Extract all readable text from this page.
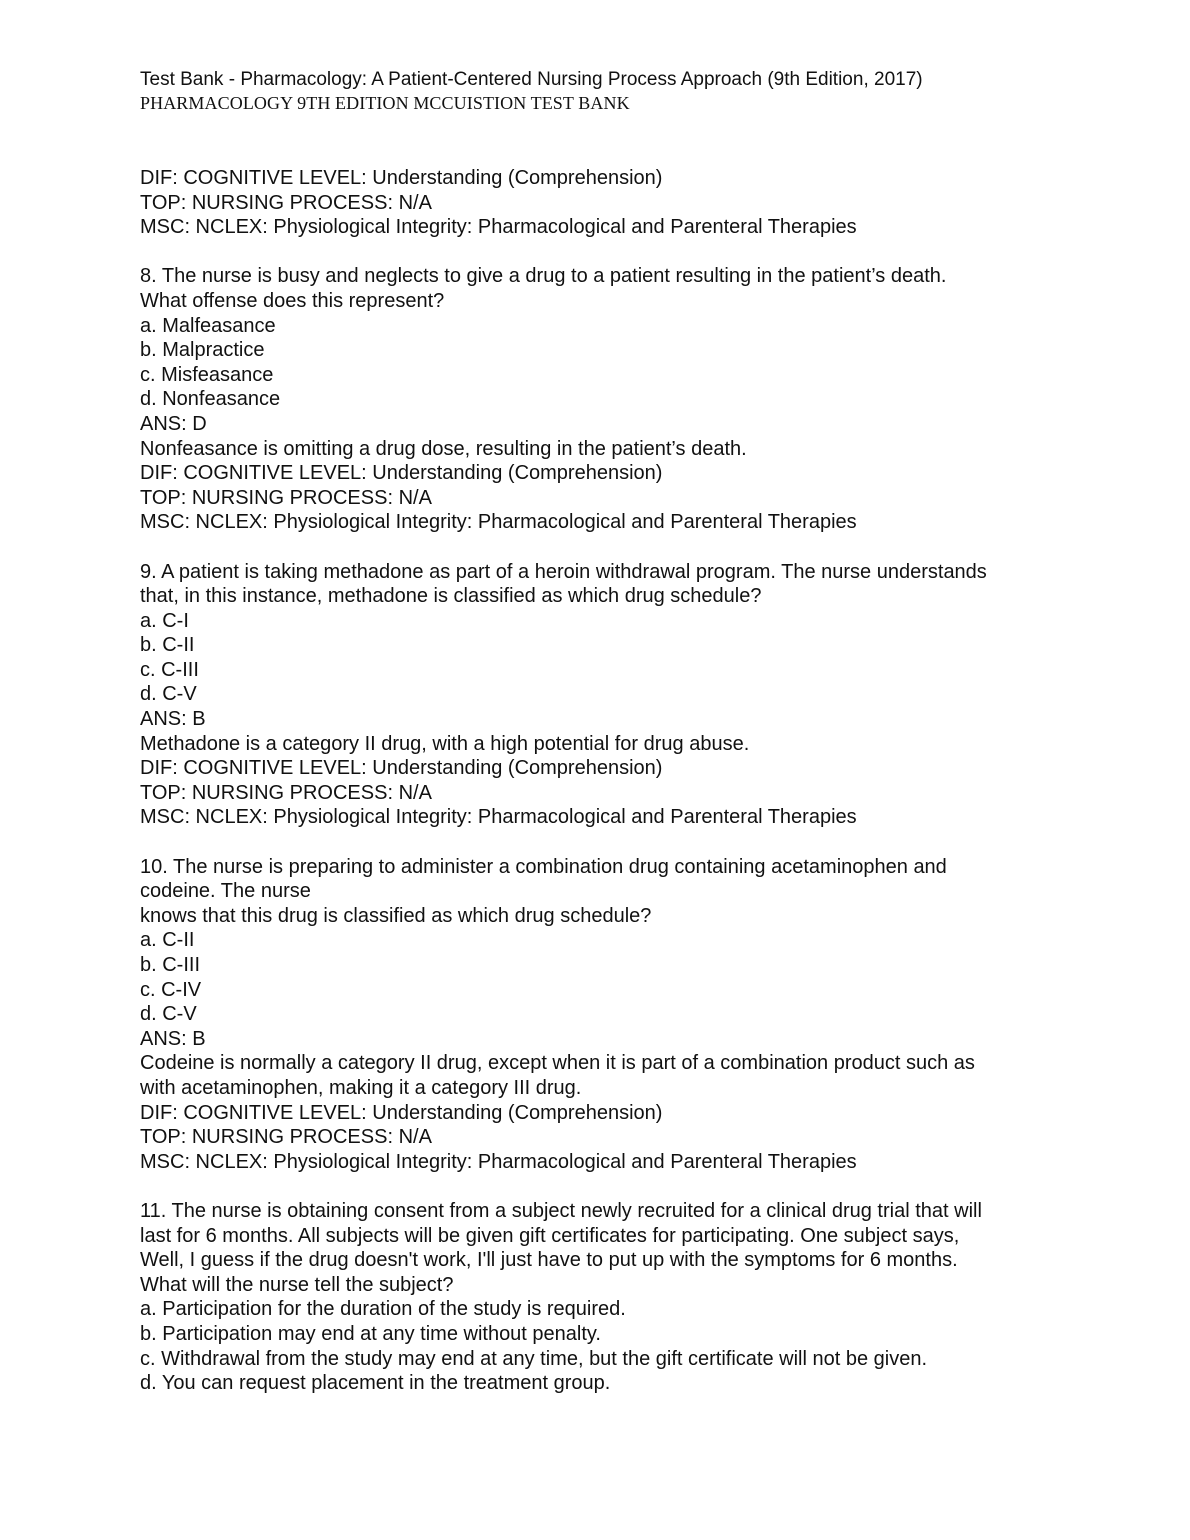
Test Bank - Pharmacology: A Patient-Centered Nursing Process Approach (9th Edition, 2017)
PHARMACOLOGY 9TH EDITION MCCUISTION TEST BANK

DIF: COGNITIVE LEVEL: Understanding (Comprehension)

TOP: NURSING PROCESS: N/A

MSC: NCLEX: Physiological Integrity: Pharmacological and Parenteral Therapies

8. The nurse is busy and neglects to give a drug to a patient resulting in the patient’s death.

What offense does this represent?

a. Malfeasance

b. Malpractice

c. Misfeasance

d. Nonfeasance

ANS: D

Nonfeasance is omitting a drug dose, resulting in the patient’s death.

DIF: COGNITIVE LEVEL: Understanding (Comprehension)

TOP: NURSING PROCESS: N/A

MSC: NCLEX: Physiological Integrity: Pharmacological and Parenteral Therapies

9. A patient is taking methadone as part of a heroin withdrawal program. The nurse understands

that, in this instance, methadone is classified as which drug schedule?

a. C-I

b. C-II

c. C-III

d. C-V

ANS: B

Methadone is a category II drug, with a high potential for drug abuse.

DIF: COGNITIVE LEVEL: Understanding (Comprehension)

TOP: NURSING PROCESS: N/A

MSC: NCLEX: Physiological Integrity: Pharmacological and Parenteral Therapies

10. The nurse is preparing to administer a combination drug containing acetaminophen and

codeine. The nurse

knows that this drug is classified as which drug schedule?

a. C-II

b. C-III

c. C-IV

d. C-V

ANS: B

Codeine is normally a category II drug, except when it is part of a combination product such as

with acetaminophen, making it a category III drug.

DIF: COGNITIVE LEVEL: Understanding (Comprehension)

TOP: NURSING PROCESS: N/A

MSC: NCLEX: Physiological Integrity: Pharmacological and Parenteral Therapies

11. The nurse is obtaining consent from a subject newly recruited for a clinical drug trial that will

last for 6 months. All subjects will be given gift certificates for participating. One subject says,

Well, I guess if the drug doesn't work, I'll just have to put up with the symptoms for 6 months.

What will the nurse tell the subject?

a. Participation for the duration of the study is required.

b. Participation may end at any time without penalty.

c. Withdrawal from the study may end at any time, but the gift certificate will not be given.

d. You can request placement in the treatment group.
